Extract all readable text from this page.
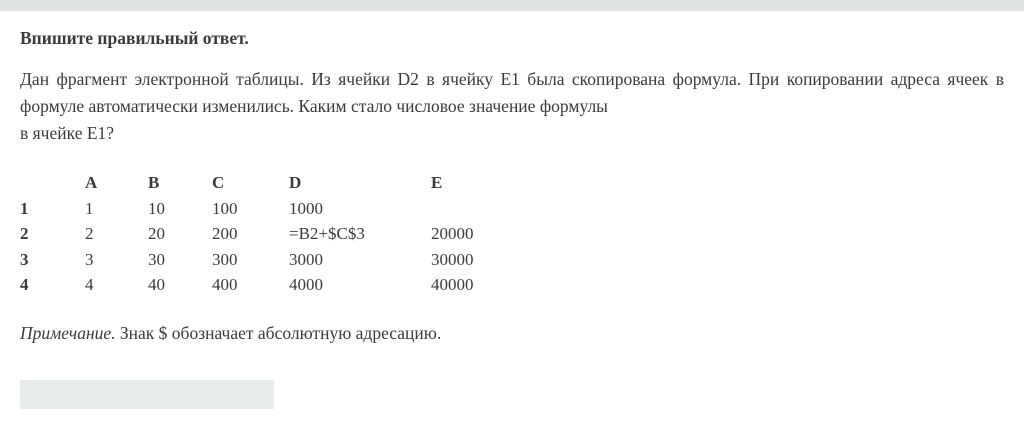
Впишите правильный ответ.

Дан фрагмент электронной таблицы. Из ячейки D2 в ячейку E1 была скопирована формула. При копировании адреса ячеек в формуле автоматически изменились. Каким стало числовое значение формулы
в ячейке E1?

	A	B	C	D	E
1	1	10	100	1000	
2	2	20	200	=B2+$C$3	20000
3	3	30	300	3000	30000
4	4	40	400	4000	40000

Примечание. Знак $ обозначает абсолютную адресацию.
